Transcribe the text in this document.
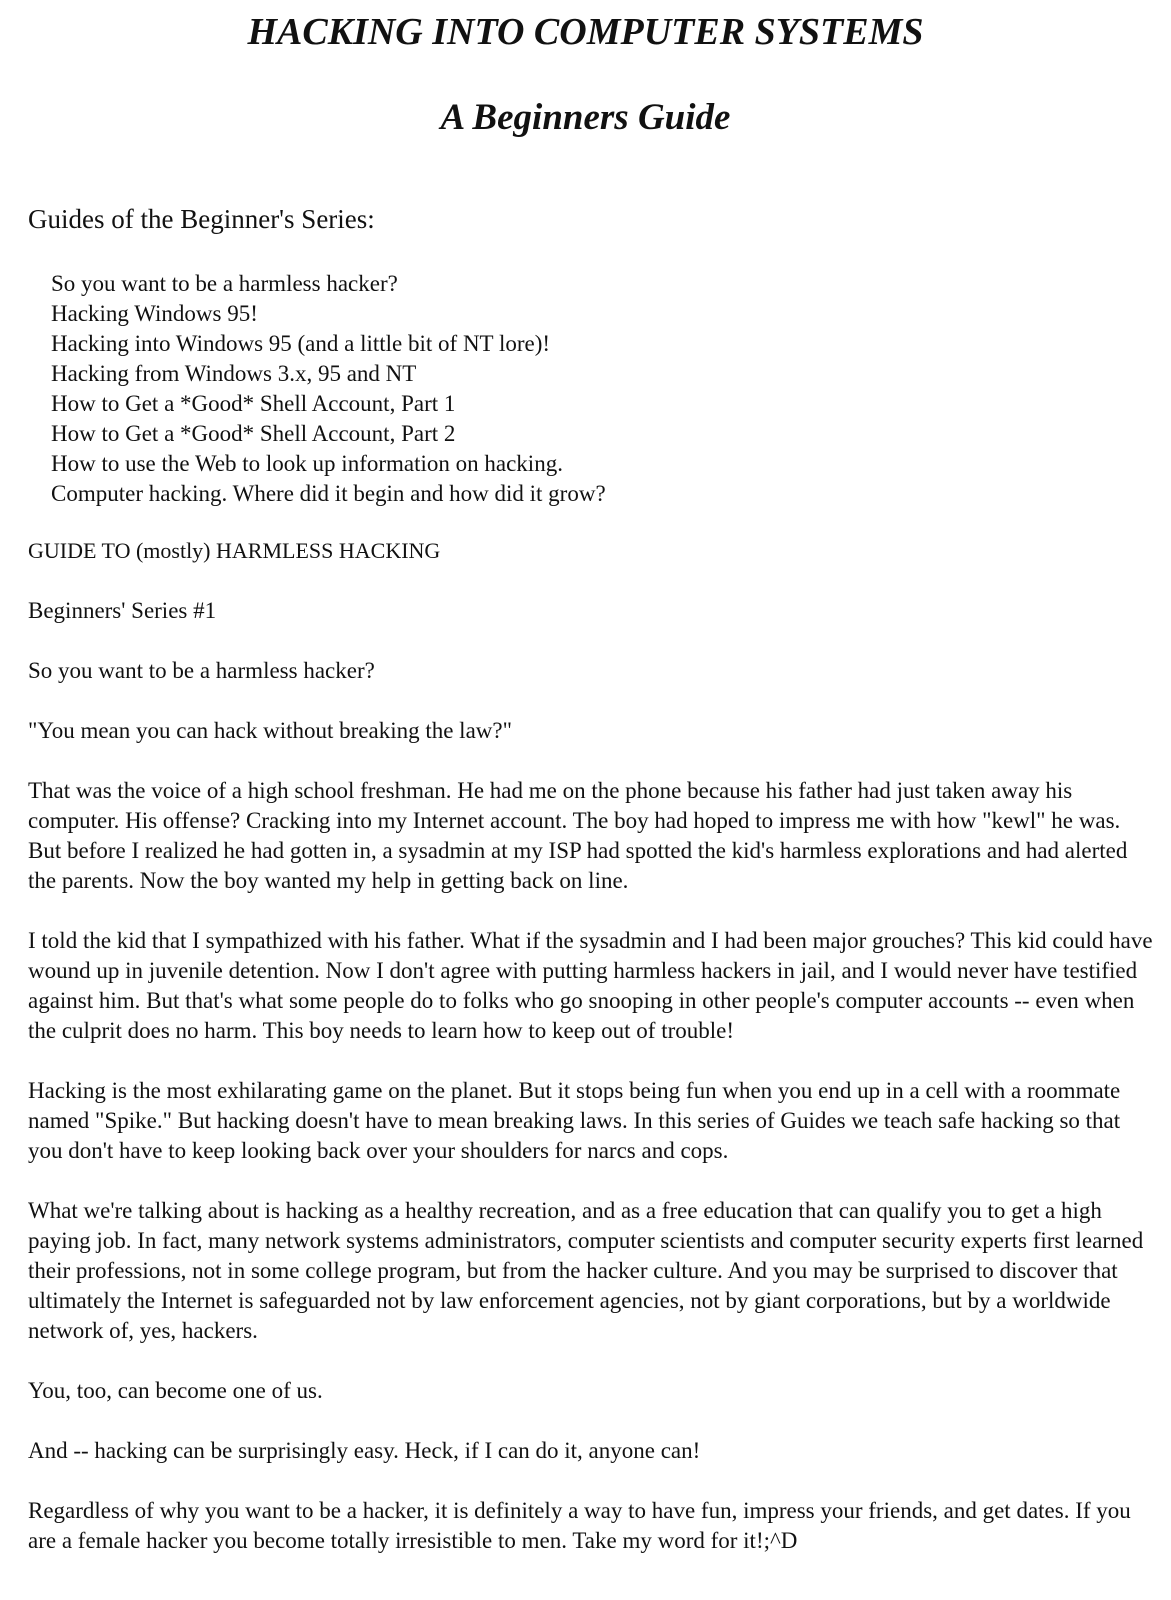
HACKING INTO COMPUTER SYSTEMS
A Beginners Guide

Guides of the Beginner's Series:

So you want to be a harmless hacker?
Hacking Windows 95!
Hacking into Windows 95 (and a little bit of NT lore)!
Hacking from Windows 3.x, 95 and NT
How to Get a *Good* Shell Account, Part 1
How to Get a *Good* Shell Account, Part 2
How to use the Web to look up information on hacking.
Computer hacking. Where did it begin and how did it grow?

GUIDE TO (mostly) HARMLESS HACKING

Beginners' Series #1

So you want to be a harmless hacker?

"You mean you can hack without breaking the law?"

That was the voice of a high school freshman. He had me on the phone because his father had just taken away his computer. His offense? Cracking into my Internet account. The boy had hoped to impress me with how "kewl" he was. But before I realized he had gotten in, a sysadmin at my ISP had spotted the kid's harmless explorations and had alerted the parents. Now the boy wanted my help in getting back on line.

I told the kid that I sympathized with his father. What if the sysadmin and I had been major grouches? This kid could have wound up in juvenile detention. Now I don't agree with putting harmless hackers in jail, and I would never have testified against him. But that's what some people do to folks who go snooping in other people's computer accounts -- even when the culprit does no harm. This boy needs to learn how to keep out of trouble!

Hacking is the most exhilarating game on the planet. But it stops being fun when you end up in a cell with a roommate named "Spike." But hacking doesn't have to mean breaking laws. In this series of Guides we teach safe hacking so that you don't have to keep looking back over your shoulders for narcs and cops.

What we're talking about is hacking as a healthy recreation, and as a free education that can qualify you to get a high paying job. In fact, many network systems administrators, computer scientists and computer security experts first learned their professions, not in some college program, but from the hacker culture. And you may be surprised to discover that ultimately the Internet is safeguarded not by law enforcement agencies, not by giant corporations, but by a worldwide network of, yes, hackers.

You, too, can become one of us.

And -- hacking can be surprisingly easy. Heck, if I can do it, anyone can!

Regardless of why you want to be a hacker, it is definitely a way to have fun, impress your friends, and get dates. If you are a female hacker you become totally irresistible to men. Take my word for it!;^D
